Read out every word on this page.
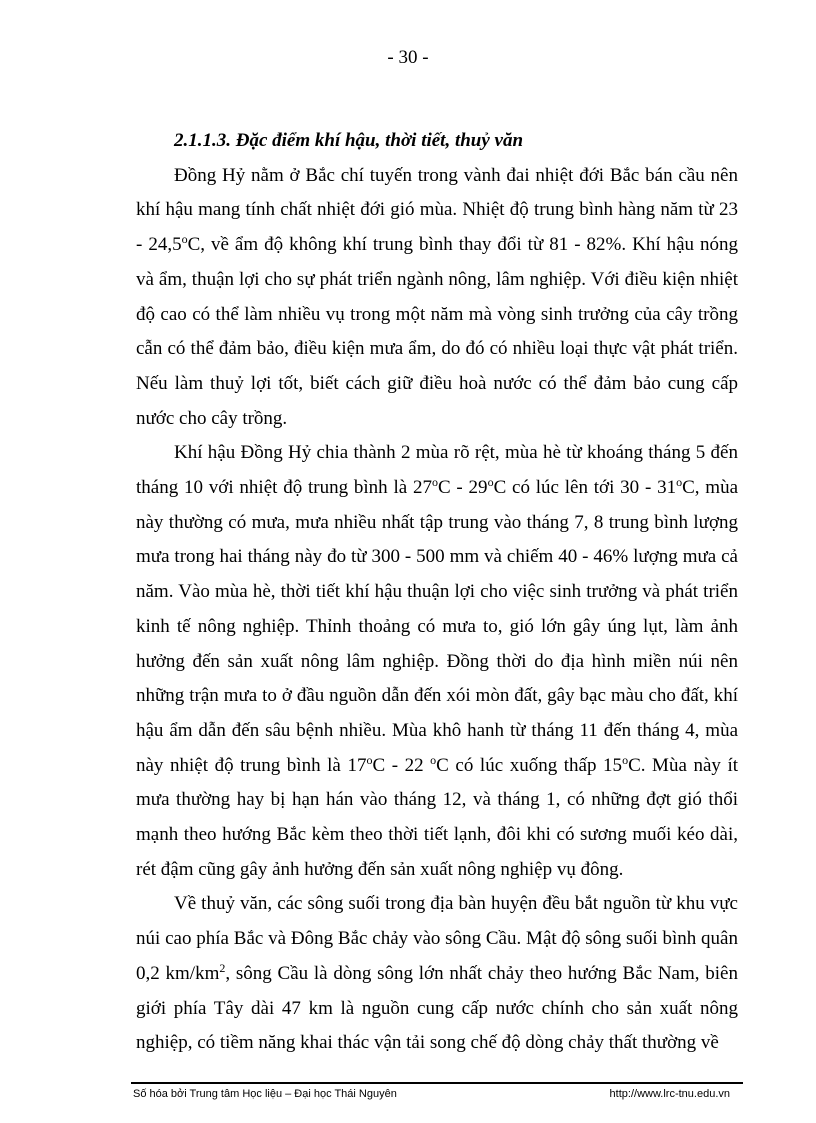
- 30 -

2.1.1.3. Đặc điểm khí hậu, thời tiết, thuỷ văn

Đồng Hỷ nằm ở Bắc chí tuyến trong vành đai nhiệt đới Bắc bán cầu nên khí hậu mang tính chất nhiệt đới gió mùa. Nhiệt độ trung bình hàng năm từ 23 - 24,5$^o$C, về ẩm độ không khí trung bình thay đổi từ 81 - 82%. Khí hậu nóng và ẩm, thuận lợi cho sự phát triển ngành nông, lâm nghiệp. Với điều kiện nhiệt độ cao có thể làm nhiều vụ trong một năm mà vòng sinh trưởng của cây trồng cẫn có thể đảm bảo, điều kiện mưa ẩm, do đó có nhiều loại thực vật phát triển. Nếu làm thuỷ lợi tốt, biết cách giữ điều hoà nước có thể đảm bảo cung cấp nước cho cây trồng.

Khí hậu Đồng Hỷ chia thành 2 mùa rõ rệt, mùa hè từ khoáng tháng 5 đến tháng 10 với nhiệt độ trung bình là 27$^o$C - 29$^o$C có lúc lên tới 30 - 31$^o$C, mùa này thường có mưa, mưa nhiều nhất tập trung vào tháng 7, 8 trung bình lượng mưa trong hai tháng này đo từ 300 - 500 mm và chiếm 40 - 46% lượng mưa cả năm. Vào mùa hè, thời tiết khí hậu thuận lợi cho việc sinh trưởng và phát triển kinh tế nông nghiệp. Thỉnh thoảng có mưa to, gió lớn gây úng lụt, làm ảnh hưởng đến sản xuất nông lâm nghiệp. Đồng thời do địa hình miền núi nên những trận mưa to ở đầu nguồn dẫn đến xói mòn đất, gây bạc màu cho đất, khí hậu ẩm dẫn đến sâu bệnh nhiều. Mùa khô hanh từ tháng 11 đến tháng 4, mùa này nhiệt độ trung bình là 17$^o$C - 22 $^o$C có lúc xuống thấp 15$^o$C. Mùa này ít mưa thường hay bị hạn hán vào tháng 12, và tháng 1, có những đợt gió thổi mạnh theo hướng Bắc kèm theo thời tiết lạnh, đôi khi có sương muối kéo dài, rét đậm cũng gây ảnh hưởng đến sản xuất nông nghiệp vụ đông.

Về thuỷ văn, các sông suối trong địa bàn huyện đều bắt nguồn từ khu vực núi cao phía Bắc và Đông Bắc chảy vào sông Cầu. Mật độ sông suối bình quân 0,2 $km/km^2$, sông Cầu là dòng sông lớn nhất chảy theo hướng Bắc Nam, biên giới phía Tây dài 47 km là nguồn cung cấp nước chính cho sản xuất nông nghiệp, có tiềm năng khai thác vận tải song chế độ dòng chảy thất thường về

Số hóa bởi Trung tâm Học liệu – Đại học Thái Nguyên	http://www.lrc-tnu.edu.vn
